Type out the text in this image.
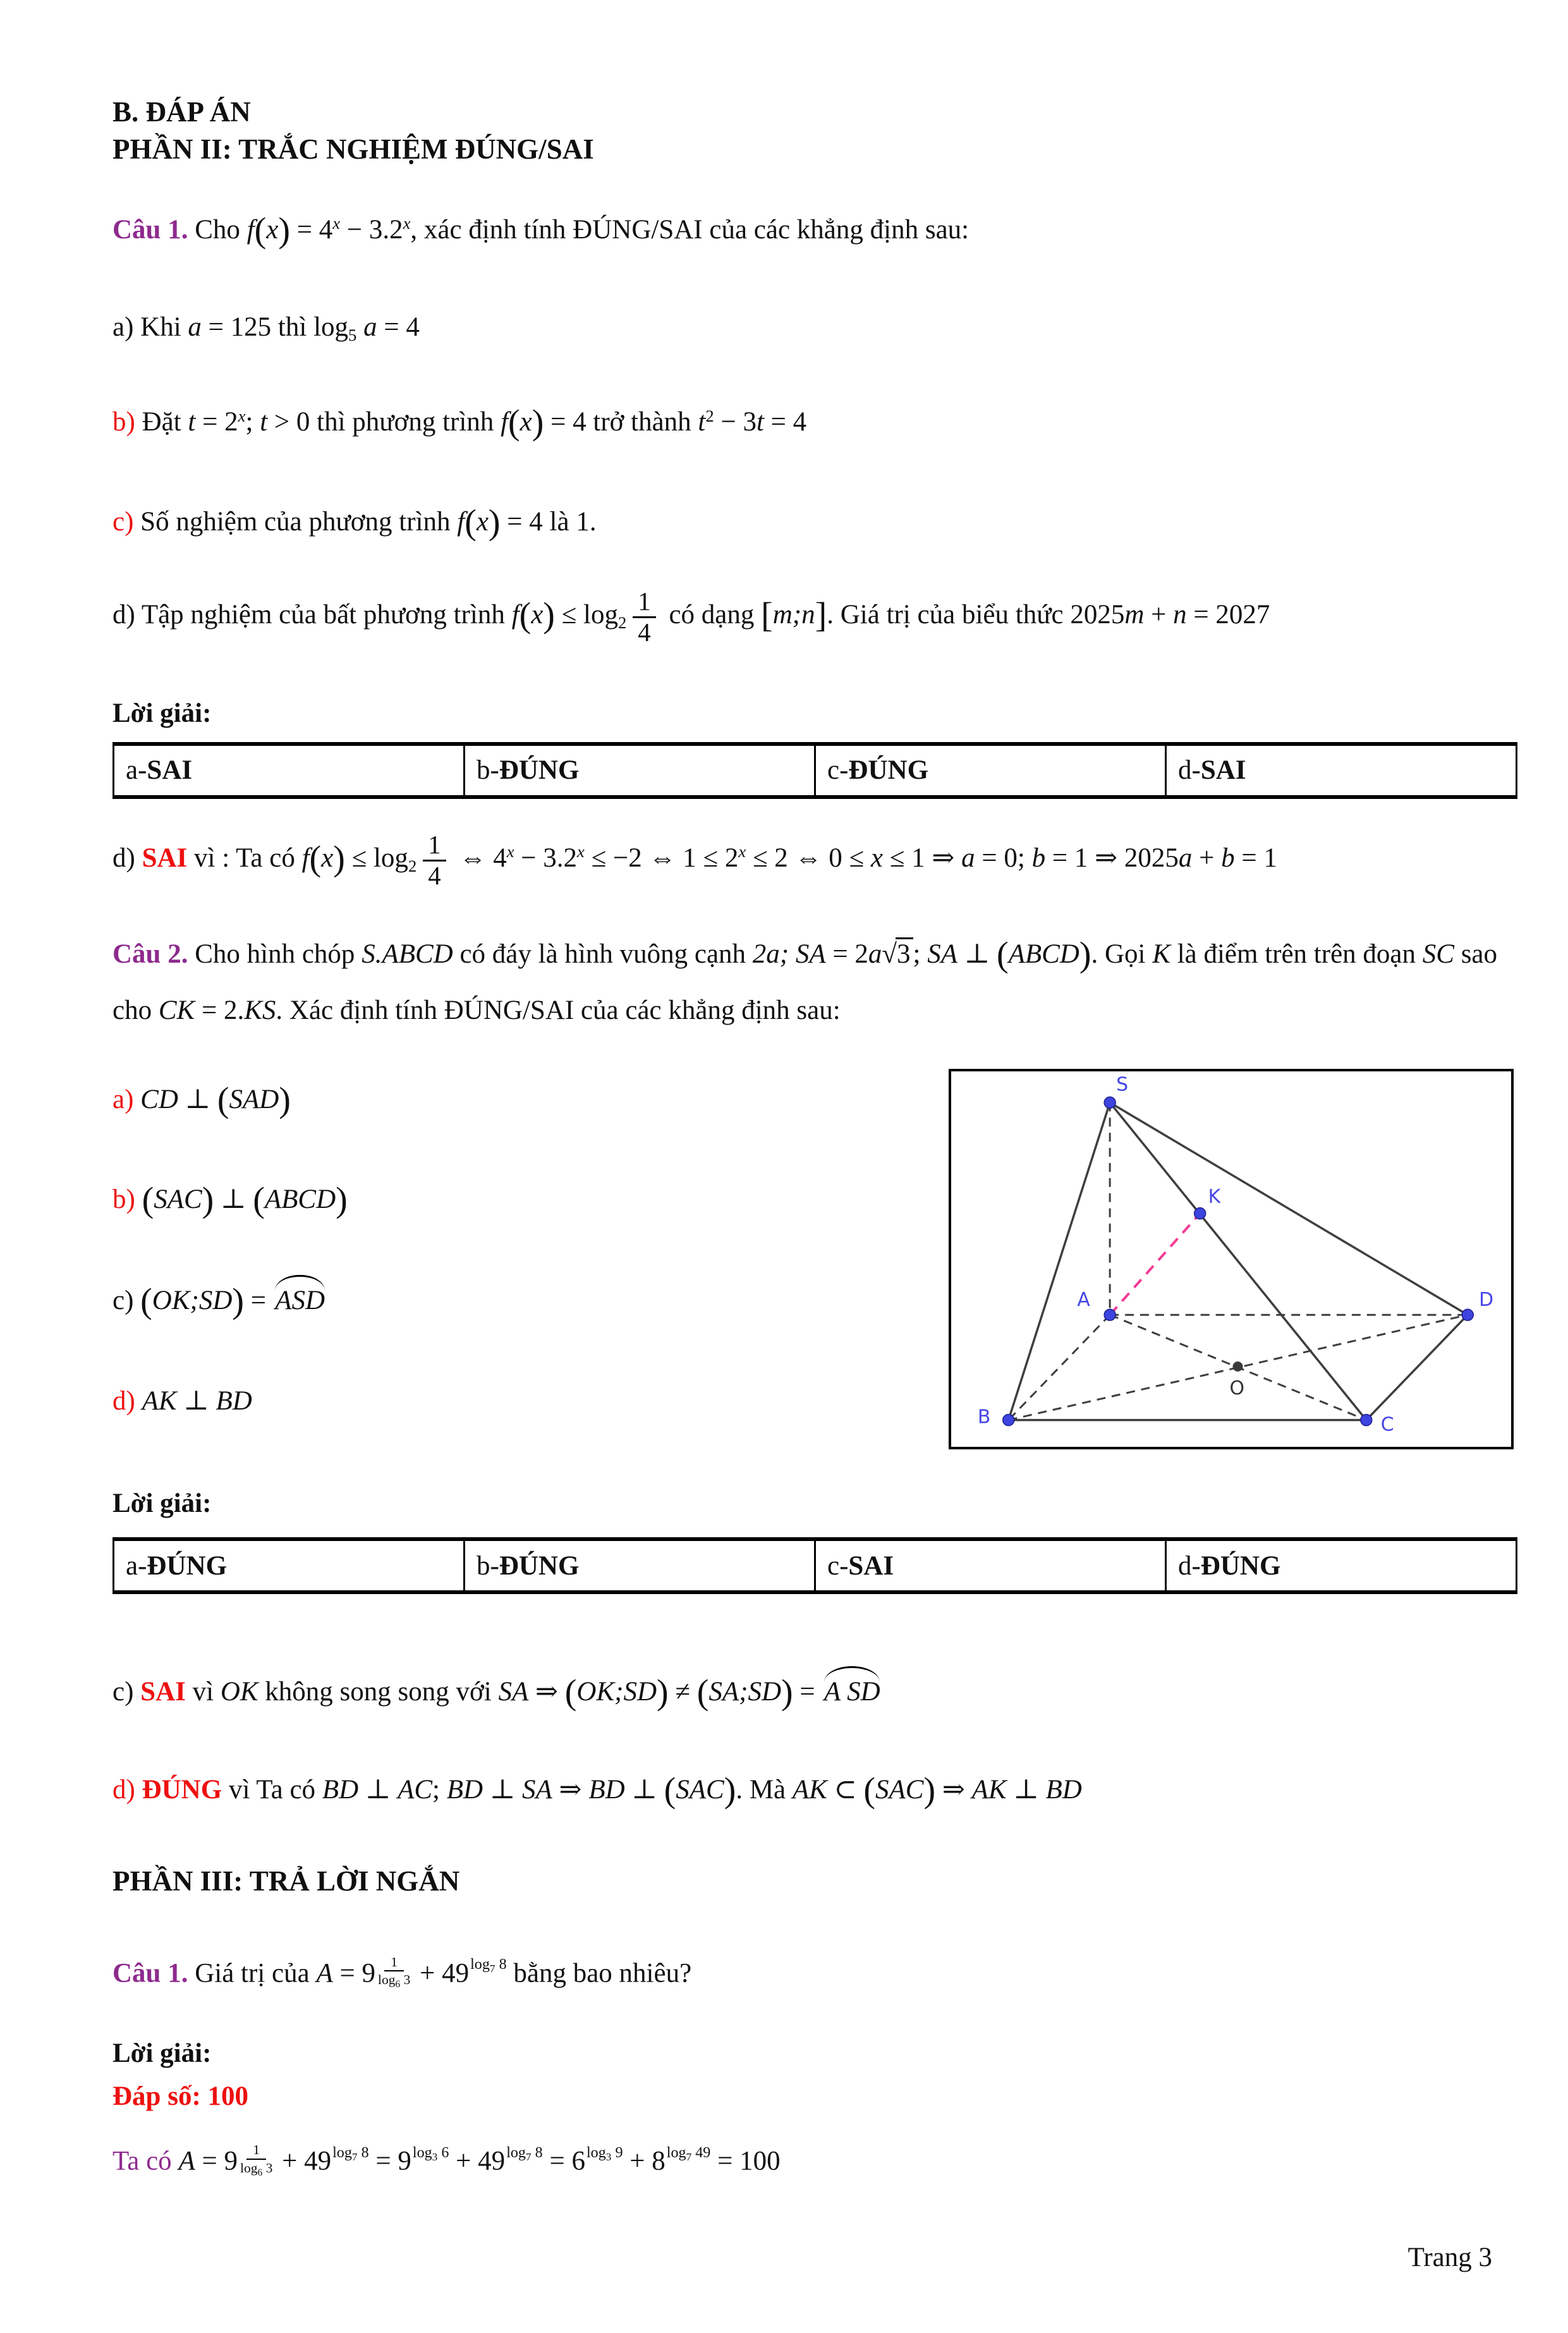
B. ĐÁP ÁN
PHẦN II: TRẮC NGHIỆM ĐÚNG/SAI
Câu 1. Cho $f(x) = 4^x - 3.2^x$, xác định tính ĐÚNG/SAI của các khẳng định sau:
a) Khi a = 125 thì log5 a = 4
b) Đặt $t = 2^x$; t > 0 thì phương trình f(x) = 4 trở thành $t^2 - 3t = 4$
c) Số nghiệm của phương trình f(x) = 4 là 1.
d) Tập nghiệm của bất phương trình $f(x) \le \log 2 \frac{1}{4}$ có dạng [m;n]. Giá trị của biểu thức 2025m + n = 2027
Lời giải:
a-SAI	b-ĐÚNG	c-ĐÚNG	d-SAI
d) SAI vì : Ta có $f(x) \le \log 2 \frac{1}{4}$ ⇔ $4^x - 3.2^x \le -2$ ⇔ $1 \le 2^x \le 2$ ⇔ 0 ≤ x ≤ 1 ⇒ a = 0; b = 1 ⇒ 2025a + b = 1
Câu 2. Cho hình chóp S.ABCD có đáy là hình vuông cạnh 2a; SA = 2a√3; SA ⊥ (ABCD). Gọi K là điểm trên trên đoạn SC sao cho CK = 2.KS. Xác định tính ĐÚNG/SAI của các khẳng định sau:
a) CD ⊥ (SAD)
b) (SAC) ⊥ (ABCD)
c) (OK;SD) = ASD
d) AK ⊥ BD
Lời giải:
S
K
A	D
B	C
O
a-ĐÚNG	b-ĐÚNG	c-SAI	d-ĐÚNG
c) SAI vì OK không song song với SA ⇒ (OK;SD) ≠ (SA;SD) = A SD
d) ĐÚNG vì Ta có BD ⊥ AC; BD ⊥ SA ⇒ BD ⊥ (SAC). Mà AK ⊂ (SAC) ⇒ AK ⊥ BD
PHẦN III: TRẢ LỜI NGẮN
Câu 1. Giá trị của $A = 9 \frac{1}{\log_6 3} + 49\log_7$ 8 bằng bao nhiêu?
Lời giải:
Đáp số: 100
Ta có $A = 9 \frac{1}{\log_6 3} + 49\log_7$ $8 = 9\log_3$ $6 + 49\log_7$ $8 = 6\log_3$ $9 + 8\log_7$ 49 = 100
Trang 3
